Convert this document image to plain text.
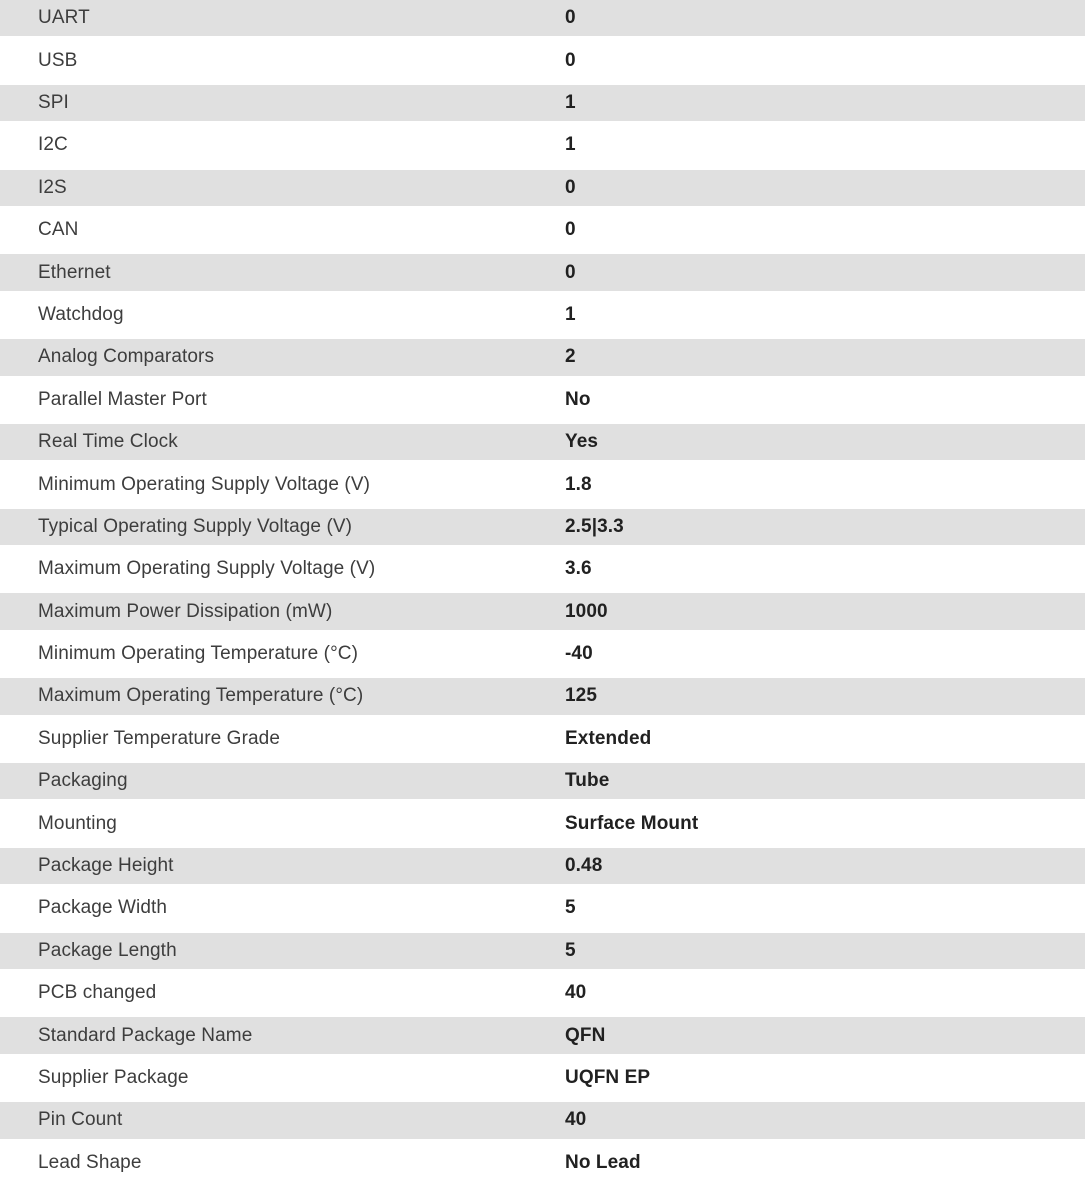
UART	0
USB	0
SPI	1
I2C	1
I2S	0
CAN	0
Ethernet	0
Watchdog	1
Analog Comparators	2
Parallel Master Port	No
Real Time Clock	Yes
Minimum Operating Supply Voltage (V)	1.8
Typical Operating Supply Voltage (V)	2.5|3.3
Maximum Operating Supply Voltage (V)	3.6
Maximum Power Dissipation (mW)	1000
Minimum Operating Temperature (°C)	-40
Maximum Operating Temperature (°C)	125
Supplier Temperature Grade	Extended
Packaging	Tube
Mounting	Surface Mount
Package Height	0.48
Package Width	5
Package Length	5
PCB changed	40
Standard Package Name	QFN
Supplier Package	UQFN EP
Pin Count	40
Lead Shape	No Lead
